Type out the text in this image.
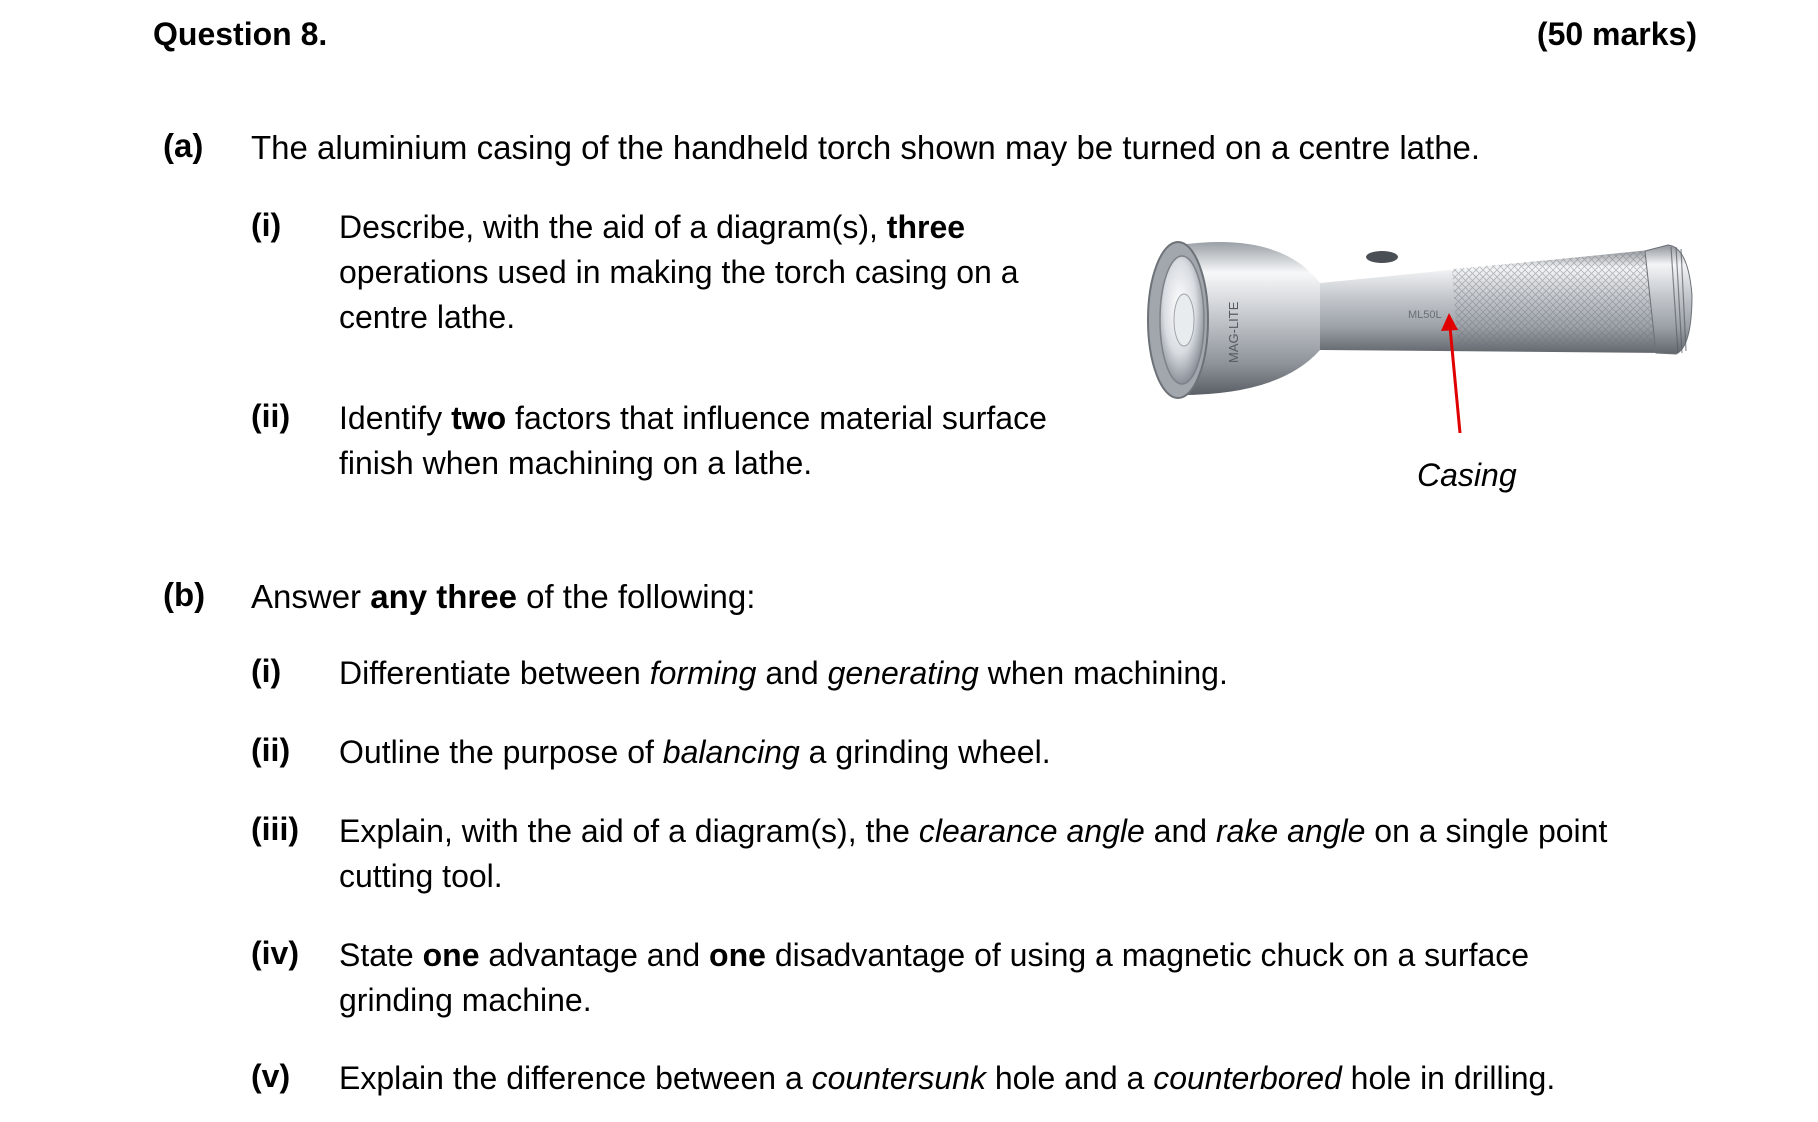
Question 8.	(50 marks)
(a) The aluminium casing of the handheld torch shown may be turned on a centre lathe.
(i) Describe, with the aid of a diagram(s), three operations used in making the torch casing on a centre lathe.
(ii) Identify two factors that influence material surface finish when machining on a lathe.
MAG-LITE	ML50L
Casing
(b) Answer any three of the following:
(i) Differentiate between forming and generating when machining.
(ii) Outline the purpose of balancing a grinding wheel.
(iii) Explain, with the aid of a diagram(s), the clearance angle and rake angle on a single point cutting tool.
(iv) State one advantage and one disadvantage of using a magnetic chuck on a surface grinding machine.
(v) Explain the difference between a countersunk hole and a counterbored hole in drilling.
